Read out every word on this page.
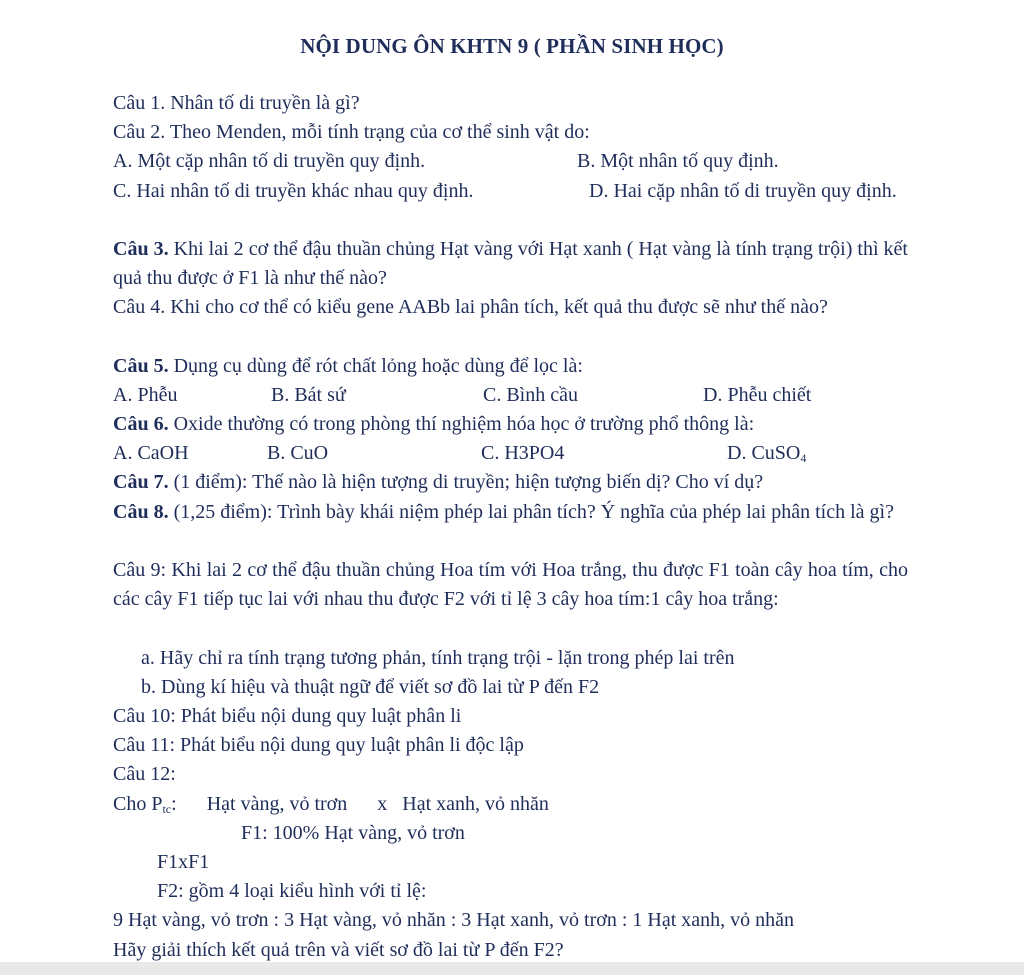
NỘI DUNG ÔN KHTN 9 ( PHẦN SINH HỌC)
Câu 1. Nhân tố di truyền là gì?
Câu 2. Theo Menden, mỗi tính trạng của cơ thể sinh vật do:
A. Một cặp nhân tố di truyền quy định.	B. Một nhân tố quy định.
C. Hai nhân tố di truyền khác nhau quy định.	D. Hai cặp nhân tố di truyền quy định.
Câu 3. Khi lai 2 cơ thể đậu thuần chủng Hạt vàng với Hạt xanh ( Hạt vàng là tính trạng trội) thì kết quả thu được ở F1 là như thế nào?
Câu 4. Khi cho cơ thể có kiểu gene AABb lai phân tích, kết quả thu được sẽ như thế nào?
Câu 5. Dụng cụ dùng để rót chất lỏng hoặc dùng để lọc là:
A. Phễu	B. Bát sứ	C. Bình cầu	D. Phễu chiết
Câu 6. Oxide thường có trong phòng thí nghiệm hóa học ở trường phổ thông là:
A. CaOH	B. CuO	C. H3PO4	D. CuSO$_4$
Câu 7. (1 điểm): Thế nào là hiện tượng di truyền; hiện tượng biến dị? Cho ví dụ?
Câu 8. (1,25 điểm): Trình bày khái niệm phép lai phân tích? Ý nghĩa của phép lai phân tích là gì?
Câu 9: Khi lai 2 cơ thể đậu thuần chủng Hoa tím với Hoa trắng, thu được F1 toàn cây hoa tím, cho các cây F1 tiếp tục lai với nhau thu được F2 với tỉ lệ 3 cây hoa tím:1 cây hoa trắng:
a. Hãy chỉ ra tính trạng tương phản, tính trạng trội - lặn trong phép lai trên
b. Dùng kí hiệu và thuật ngữ để viết sơ đồ lai từ P đến F2
Câu 10: Phát biểu nội dung quy luật phân li
Câu 11: Phát biểu nội dung quy luật phân li độc lập
Câu 12:
Cho $P_{tc}$:      Hạt vàng, vỏ trơn      x   Hạt xanh, vỏ nhăn
F1: 100% Hạt vàng, vỏ trơn
F1xF1
F2: gồm 4 loại kiểu hình với tỉ lệ:
9 Hạt vàng, vỏ trơn : 3 Hạt vàng, vỏ nhăn : 3 Hạt xanh, vỏ trơn : 1 Hạt xanh, vỏ nhăn
Hãy giải thích kết quả trên và viết sơ đồ lai từ P đến F2?
